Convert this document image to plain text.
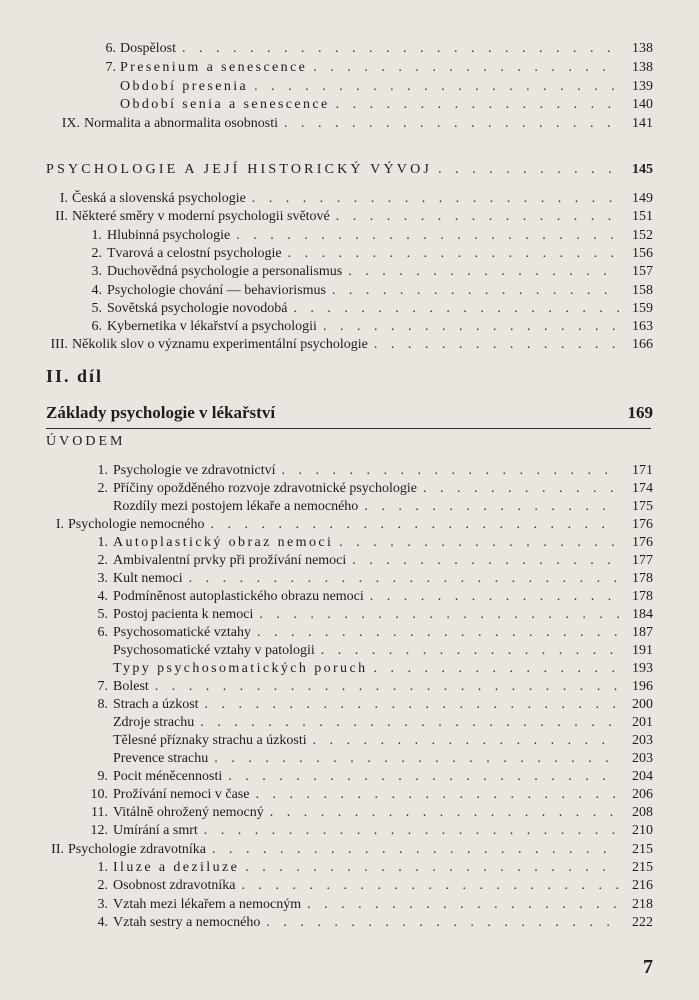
6. Dospělost . . .	138
7. Presenium a senescence . . .	138
Období presenia . . .	139
Období senia a senescence . . .	140
IX. Normalita a abnormalita osobnosti . . .	141
PSYCHOLOGIE A JEJÍ HISTORICKÝ VÝVOJ . . .	145
I. Česká a slovenská psychologie . . .	149
II. Některé směry v moderní psychologii světové . . .	151
1. Hlubinná psychologie . . .	152
2. Tvarová a celostní psychologie . . .	156
3. Duchovědná psychologie a personalismus . . .	157
4. Psychologie chování — behaviorismus . . .	158
5. Sovětská psychologie novodobá . . .	159
6. Kybernetika v lékařství a psychologii . . .	163
III. Několik slov o významu experimentální psychologie . . .	166
II. díl
Základy psychologie v lékařství	169
ÚVODEM
1. Psychologie ve zdravotnictví . . .	171
2. Příčiny opožděného rozvoje zdravotnické psychologie . . .	174
Rozdíly mezi postojem lékaře a nemocného . . .	175
I. Psychologie nemocného . . .	176
1. Autoplastický obraz nemoci . . .	176
2. Ambivalentní prvky při prožívání nemoci . . .	177
3. Kult nemoci . . .	178
4. Podmíněnost autoplastického obrazu nemoci . . .	178
5. Postoj pacienta k nemoci . . .	184
6. Psychosomatické vztahy . . .	187
Psychosomatické vztahy v patologii . . .	191
Typy psychosomatických poruch . . .	193
7. Bolest . . .	196
8. Strach a úzkost . . .	200
Zdroje strachu . . .	201
Tělesné příznaky strachu a úzkosti . . .	203
Prevence strachu . . .	203
9. Pocit méněcennosti . . .	204
10. Prožívání nemoci v čase . . .	206
11. Vitálně ohrožený nemocný . . .	208
12. Umírání a smrt . . .	210
II. Psychologie zdravotníka . . .	215
1. Iluze a deziluze . . .	215
2. Osobnost zdravotníka . . .	216
3. Vztah mezi lékařem a nemocným . . .	218
4. Vztah sestry a nemocného . . .	222
7
